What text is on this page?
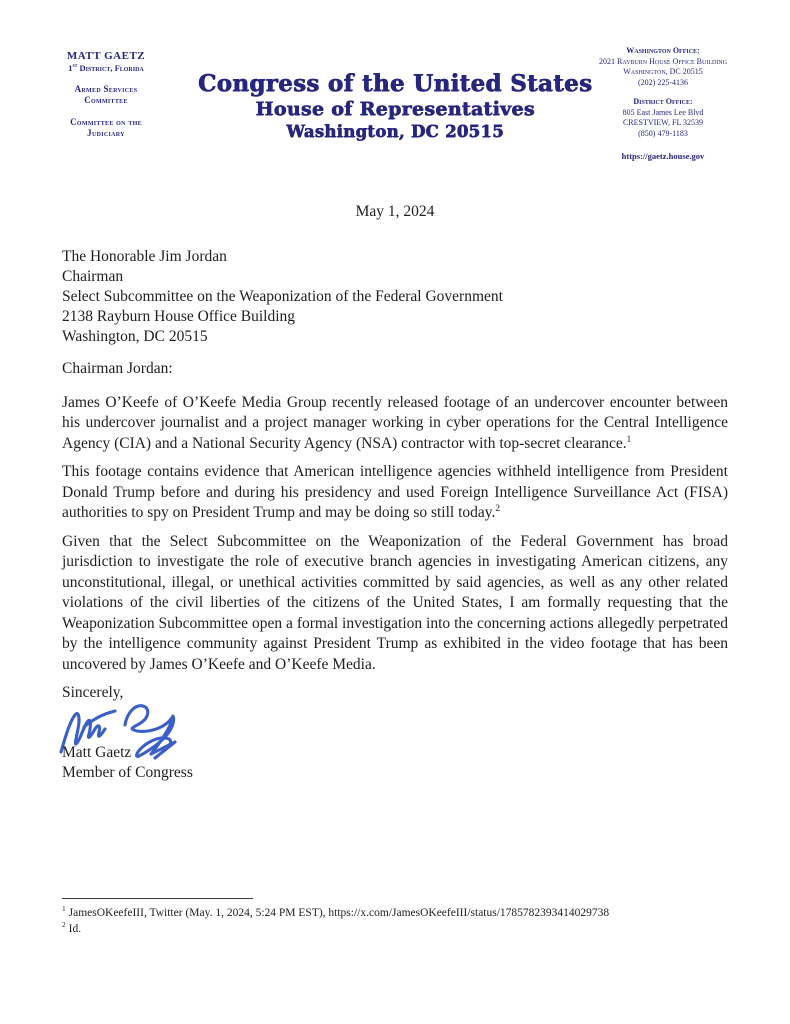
MATT GAETZ
1st District, Florida
Armed Services
Committee
Committee on the
Judiciary
Congress of the United States
House of Representatives
Washington, DC 20515
Washington Office:
2021 Rayburn House Office Building
Washington, DC 20515
(202) 225-4136
District Office:
805 East James Lee Blvd
CRESTVIEW, FL 32539
(850) 479-1183
https://gaetz.house.gov
May 1, 2024
The Honorable Jim Jordan
Chairman
Select Subcommittee on the Weaponization of the Federal Government
2138 Rayburn House Office Building
Washington, DC 20515
Chairman Jordan:

James O’Keefe of O’Keefe Media Group recently released footage of an undercover encounter between his undercover journalist and a project manager working in cyber operations for the Central Intelligence Agency (CIA) and a National Security Agency (NSA) contractor with top-secret clearance.$^1$

This footage contains evidence that American intelligence agencies withheld intelligence from President Donald Trump before and during his presidency and used Foreign Intelligence Surveillance Act (FISA) authorities to spy on President Trump and may be doing so still today.$^2$

Given that the Select Subcommittee on the Weaponization of the Federal Government has broad jurisdiction to investigate the role of executive branch agencies in investigating American citizens, any unconstitutional, illegal, or unethical activities committed by said agencies, as well as any other related violations of the civil liberties of the citizens of the United States, I am formally requesting that the Weaponization Subcommittee open a formal investigation into the concerning actions allegedly perpetrated by the intelligence community against President Trump as exhibited in the video footage that has been uncovered by James O’Keefe and O’Keefe Media.

Sincerely,
Matt Gaetz
Member of Congress
$^1$ JamesOKeefeIII, Twitter (May. 1, 2024, 5:24 PM EST), https://x.com/JamesOKeefeIII/status/1785782393414029738
$^2$ Id.
